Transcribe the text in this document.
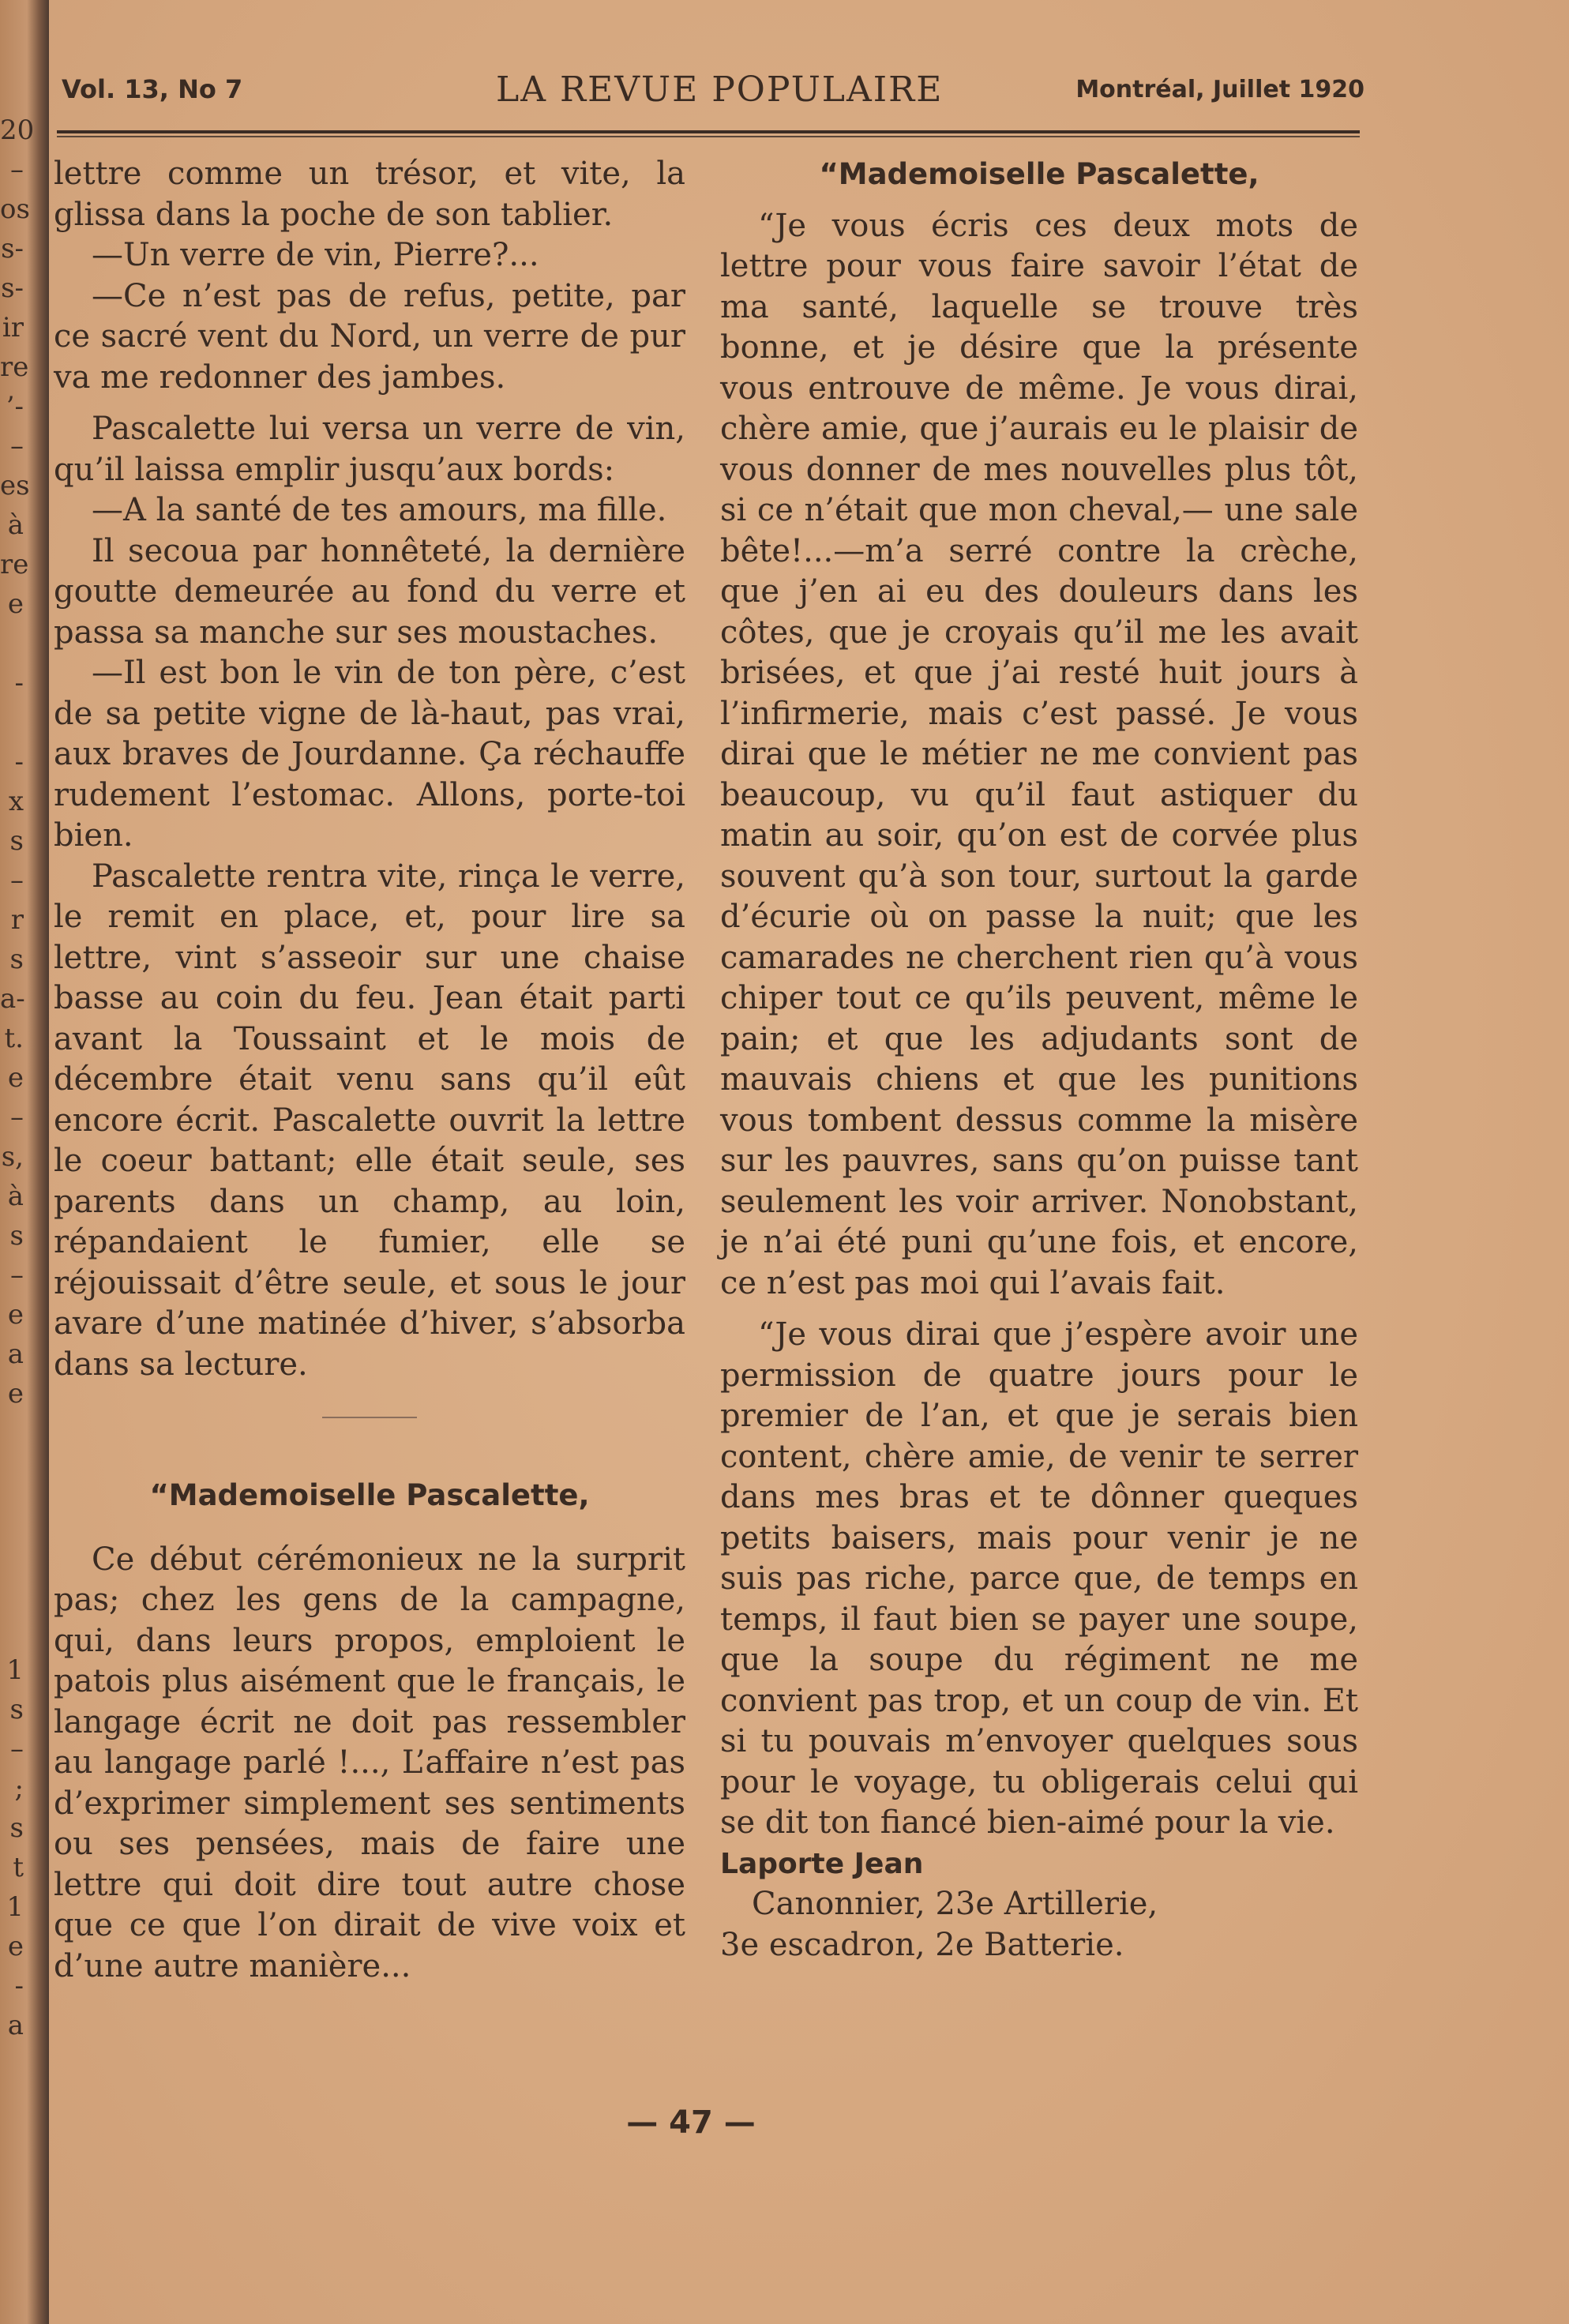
20
–
os
s-
s-
ir
re
’-
–
es
à
re
e
-
-
x
s
–
r
s
a-
t.
e
–
s,
à
s
–
e
a
e
1
s
–
;
s
t
1
e
-
a
Vol. 13, No 7	LA REVUE POPULAIRE	Montréal, Juillet 1920

lettre comme un trésor, et vite, la glissa dans la poche de son tablier.

—Un verre de vin, Pierre?...

—Ce n’est pas de refus, petite, par ce sacré vent du Nord, un verre de pur va me redonner des jambes.

Pascalette lui versa un verre de vin, qu’il laissa emplir jusqu’aux bords:

—A la santé de tes amours, ma fille.

Il secoua par honnêteté, la dernière goutte demeurée au fond du verre et passa sa manche sur ses moustaches.

—Il est bon le vin de ton père, c’est de sa petite vigne de là-haut, pas vrai, aux braves de Jourdanne. Ça réchauffe rudement l’estomac. Allons, porte-toi bien.

Pascalette rentra vite, rinça le verre, le remit en place, et, pour lire sa lettre, vint s’asseoir sur une chaise basse au coin du feu. Jean était parti avant la Toussaint et le mois de décembre était venu sans qu’il eût encore écrit. Pascalette ouvrit la lettre le coeur battant; elle était seule, ses parents dans un champ, au loin, répandaient le fumier, elle se réjouissait d’être seule, et sous le jour avare d’une matinée d’hiver, s’absorba dans sa lecture.

“Mademoiselle Pascalette,

Ce début cérémonieux ne la surprit pas; chez les gens de la campagne, qui, dans leurs propos, emploient le patois plus aisément que le français, le langage écrit ne doit pas ressembler au langage parlé !..., L’affaire n’est pas d’exprimer simplement ses sentiments ou ses pensées, mais de faire une lettre qui doit dire tout autre chose que ce que l’on dirait de vive voix et d’une autre manière...

“Mademoiselle Pascalette,

“Je vous écris ces deux mots de lettre pour vous faire savoir l’état de ma santé, laquelle se trouve très bonne, et je désire que la présente vous entrouve de même. Je vous dirai, chère amie, que j’aurais eu le plaisir de vous donner de mes nouvelles plus tôt, si ce n’était que mon cheval,— une sale bête!...—m’a serré contre la crèche, que j’en ai eu des douleurs dans les côtes, que je croyais qu’il me les avait brisées, et que j’ai resté huit jours à l’infirmerie, mais c’est passé. Je vous dirai que le métier ne me convient pas beaucoup, vu qu’il faut astiquer du matin au soir, qu’on est de corvée plus souvent qu’à son tour, surtout la garde d’écurie où on passe la nuit; que les camarades ne cherchent rien qu’à vous chiper tout ce qu’ils peuvent, même le pain; et que les adjudants sont de mauvais chiens et que les punitions vous tombent dessus comme la misère sur les pauvres, sans qu’on puisse tant seulement les voir arriver. Nonobstant, je n’ai été puni qu’une fois, et encore, ce n’est pas moi qui l’avais fait.

“Je vous dirai que j’espère avoir une permission de quatre jours pour le premier de l’an, et que je serais bien content, chère amie, de venir te serrer dans mes bras et te dônner queques petits baisers, mais pour venir je ne suis pas riche, parce que, de temps en temps, il faut bien se payer une soupe, que la soupe du régiment ne me convient pas trop, et un coup de vin. Et si tu pouvais m’envoyer quelques sous pour le voyage, tu obligerais celui qui se dit ton fiancé bien-aimé pour la vie.

Laporte Jean

Canonnier, 23e Artillerie,

3e escadron, 2e Batterie.

— 47 —
